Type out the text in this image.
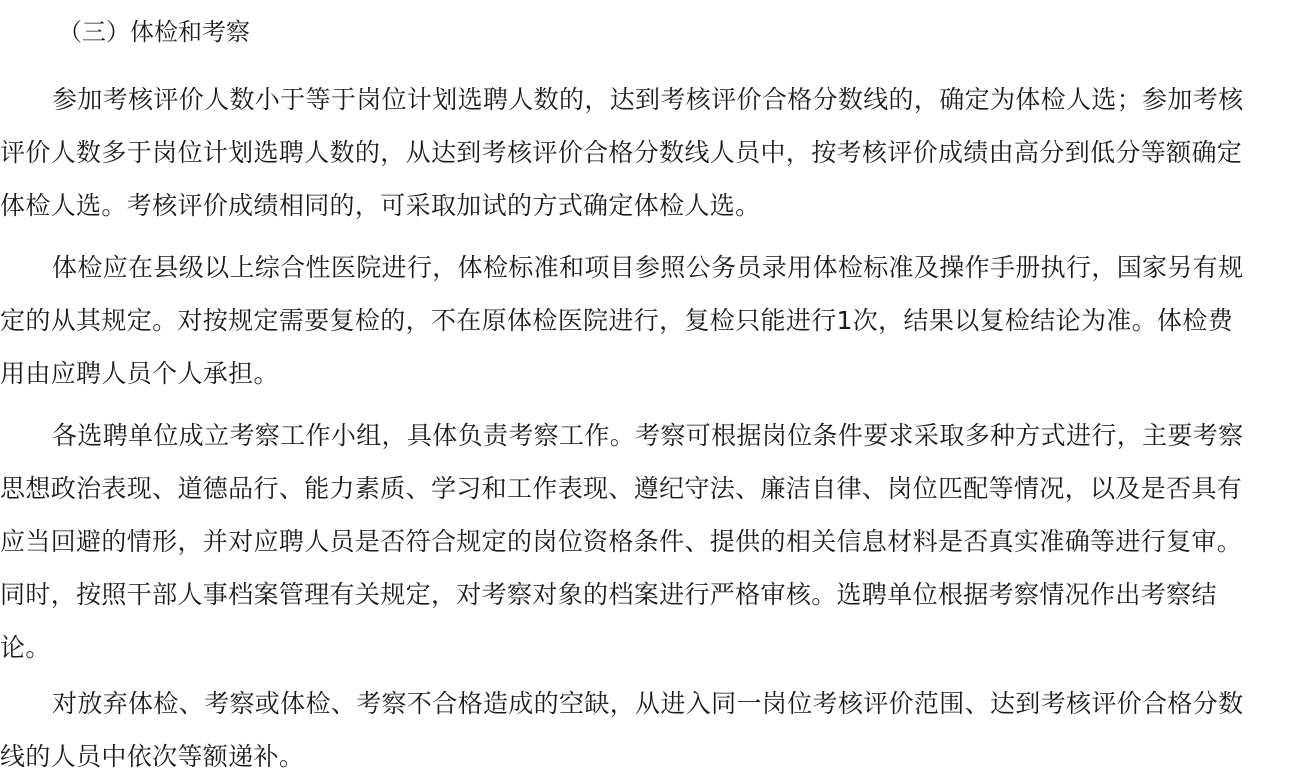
（三）体检和考察

参加考核评价人数小于等于岗位计划选聘人数的，达到考核评价合格分数线的，确定为体检人选；参加考核
评价人数多于岗位计划选聘人数的，从达到考核评价合格分数线人员中，按考核评价成绩由高分到低分等额确定
体检人选。考核评价成绩相同的，可采取加试的方式确定体检人选。

体检应在县级以上综合性医院进行，体检标准和项目参照公务员录用体检标准及操作手册执行，国家另有规
定的从其规定。对按规定需要复检的，不在原体检医院进行，复检只能进行1次，结果以复检结论为准。体检费
用由应聘人员个人承担。

各选聘单位成立考察工作小组，具体负责考察工作。考察可根据岗位条件要求采取多种方式进行，主要考察
思想政治表现、道德品行、能力素质、学习和工作表现、遵纪守法、廉洁自律、岗位匹配等情况，以及是否具有
应当回避的情形，并对应聘人员是否符合规定的岗位资格条件、提供的相关信息材料是否真实准确等进行复审。
同时，按照干部人事档案管理有关规定，对考察对象的档案进行严格审核。选聘单位根据考察情况作出考察结
论。

对放弃体检、考察或体检、考察不合格造成的空缺，从进入同一岗位考核评价范围、达到考核评价合格分数
线的人员中依次等额递补。
